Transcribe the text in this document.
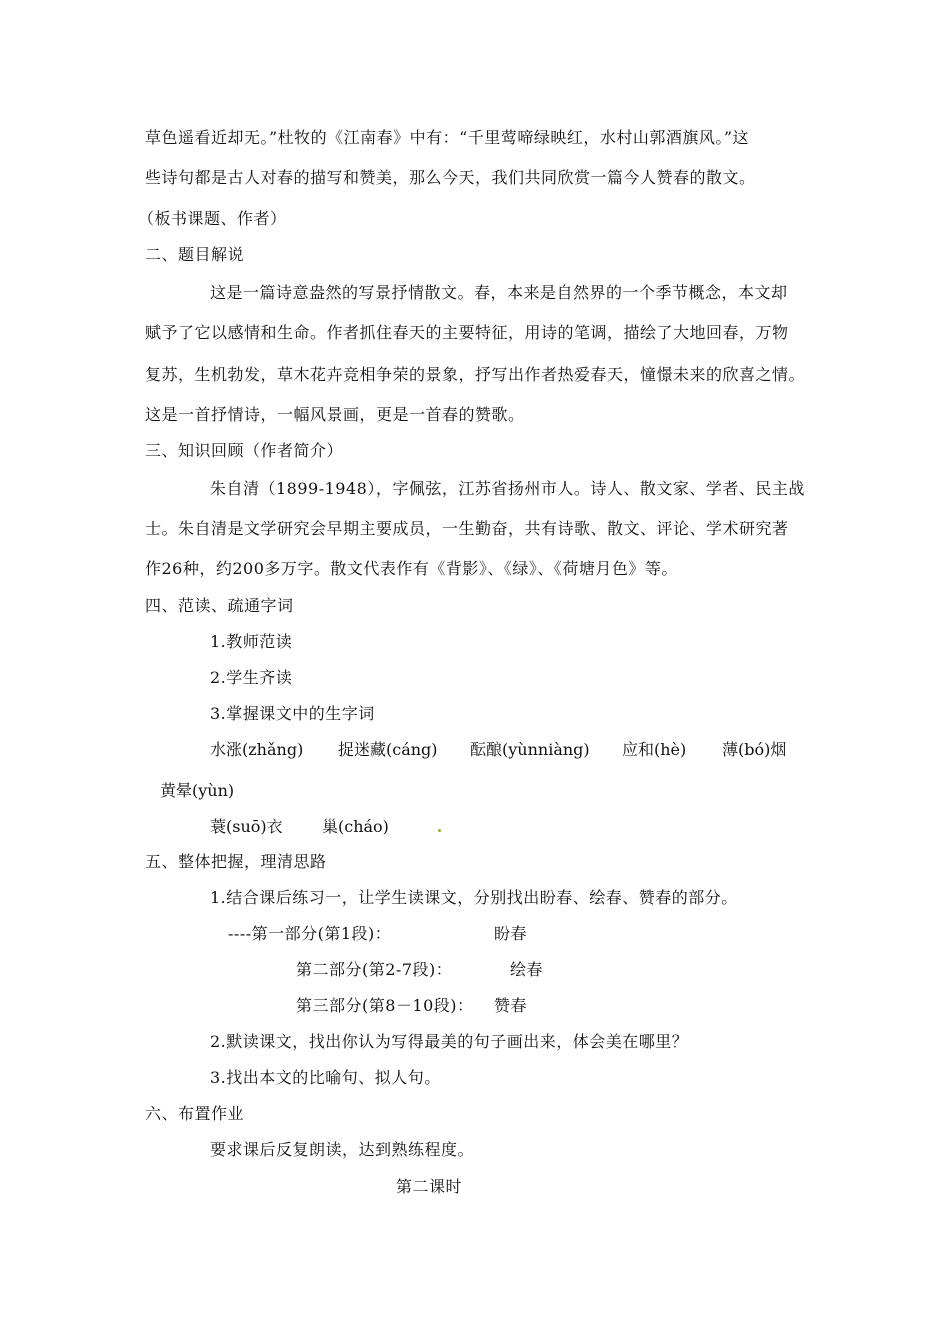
草色遥看近却无。”杜牧的《江南春》中有：“千里莺啼绿映红，水村山郭酒旗风。”这
些诗句都是古人对春的描写和赞美，那么今天，我们共同欣赏一篇今人赞春的散文。
（板书课题、作者）
二、题目解说
这是一篇诗意盎然的写景抒情散文。春，本来是自然界的一个季节概念，本文却
赋予了它以感情和生命。作者抓住春天的主要特征，用诗的笔调，描绘了大地回春，万物
复苏，生机勃发，草木花卉竞相争荣的景象，抒写出作者热爱春天，憧憬未来的欣喜之情。
这是一首抒情诗，一幅风景画，更是一首春的赞歌。
三、知识回顾（作者简介）
朱自清（1899-1948），字佩弦，江苏省扬州市人。诗人、散文家、学者、民主战
士。朱自清是文学研究会早期主要成员，一生勤奋，共有诗歌、散文、评论、学术研究著
作26种，约200多万字。散文代表作有《背影》、《绿》、《荷塘月色》等。
四、范读、疏通字词
1.教师范读
2.学生齐读
3.掌握课文中的生字词
水涨(zhǎng) 捉迷藏(cáng) 酝酿(yùnniàng) 应和(hè) 薄(bó)烟
黄晕(yùn)
蓑(suō)衣 巢(cháo)
五、整体把握，理清思路
1.结合课后练习一，让学生读课文，分别找出盼春、绘春、赞春的部分。
----第一部分(第1段)：	盼春
第二部分(第2-7段)：	绘春
第三部分(第8－10段)： 赞春
2.默读课文，找出你认为写得最美的句子画出来，体会美在哪里？
3.找出本文的比喻句、拟人句。
六、布置作业
要求课后反复朗读，达到熟练程度。
第二课时
